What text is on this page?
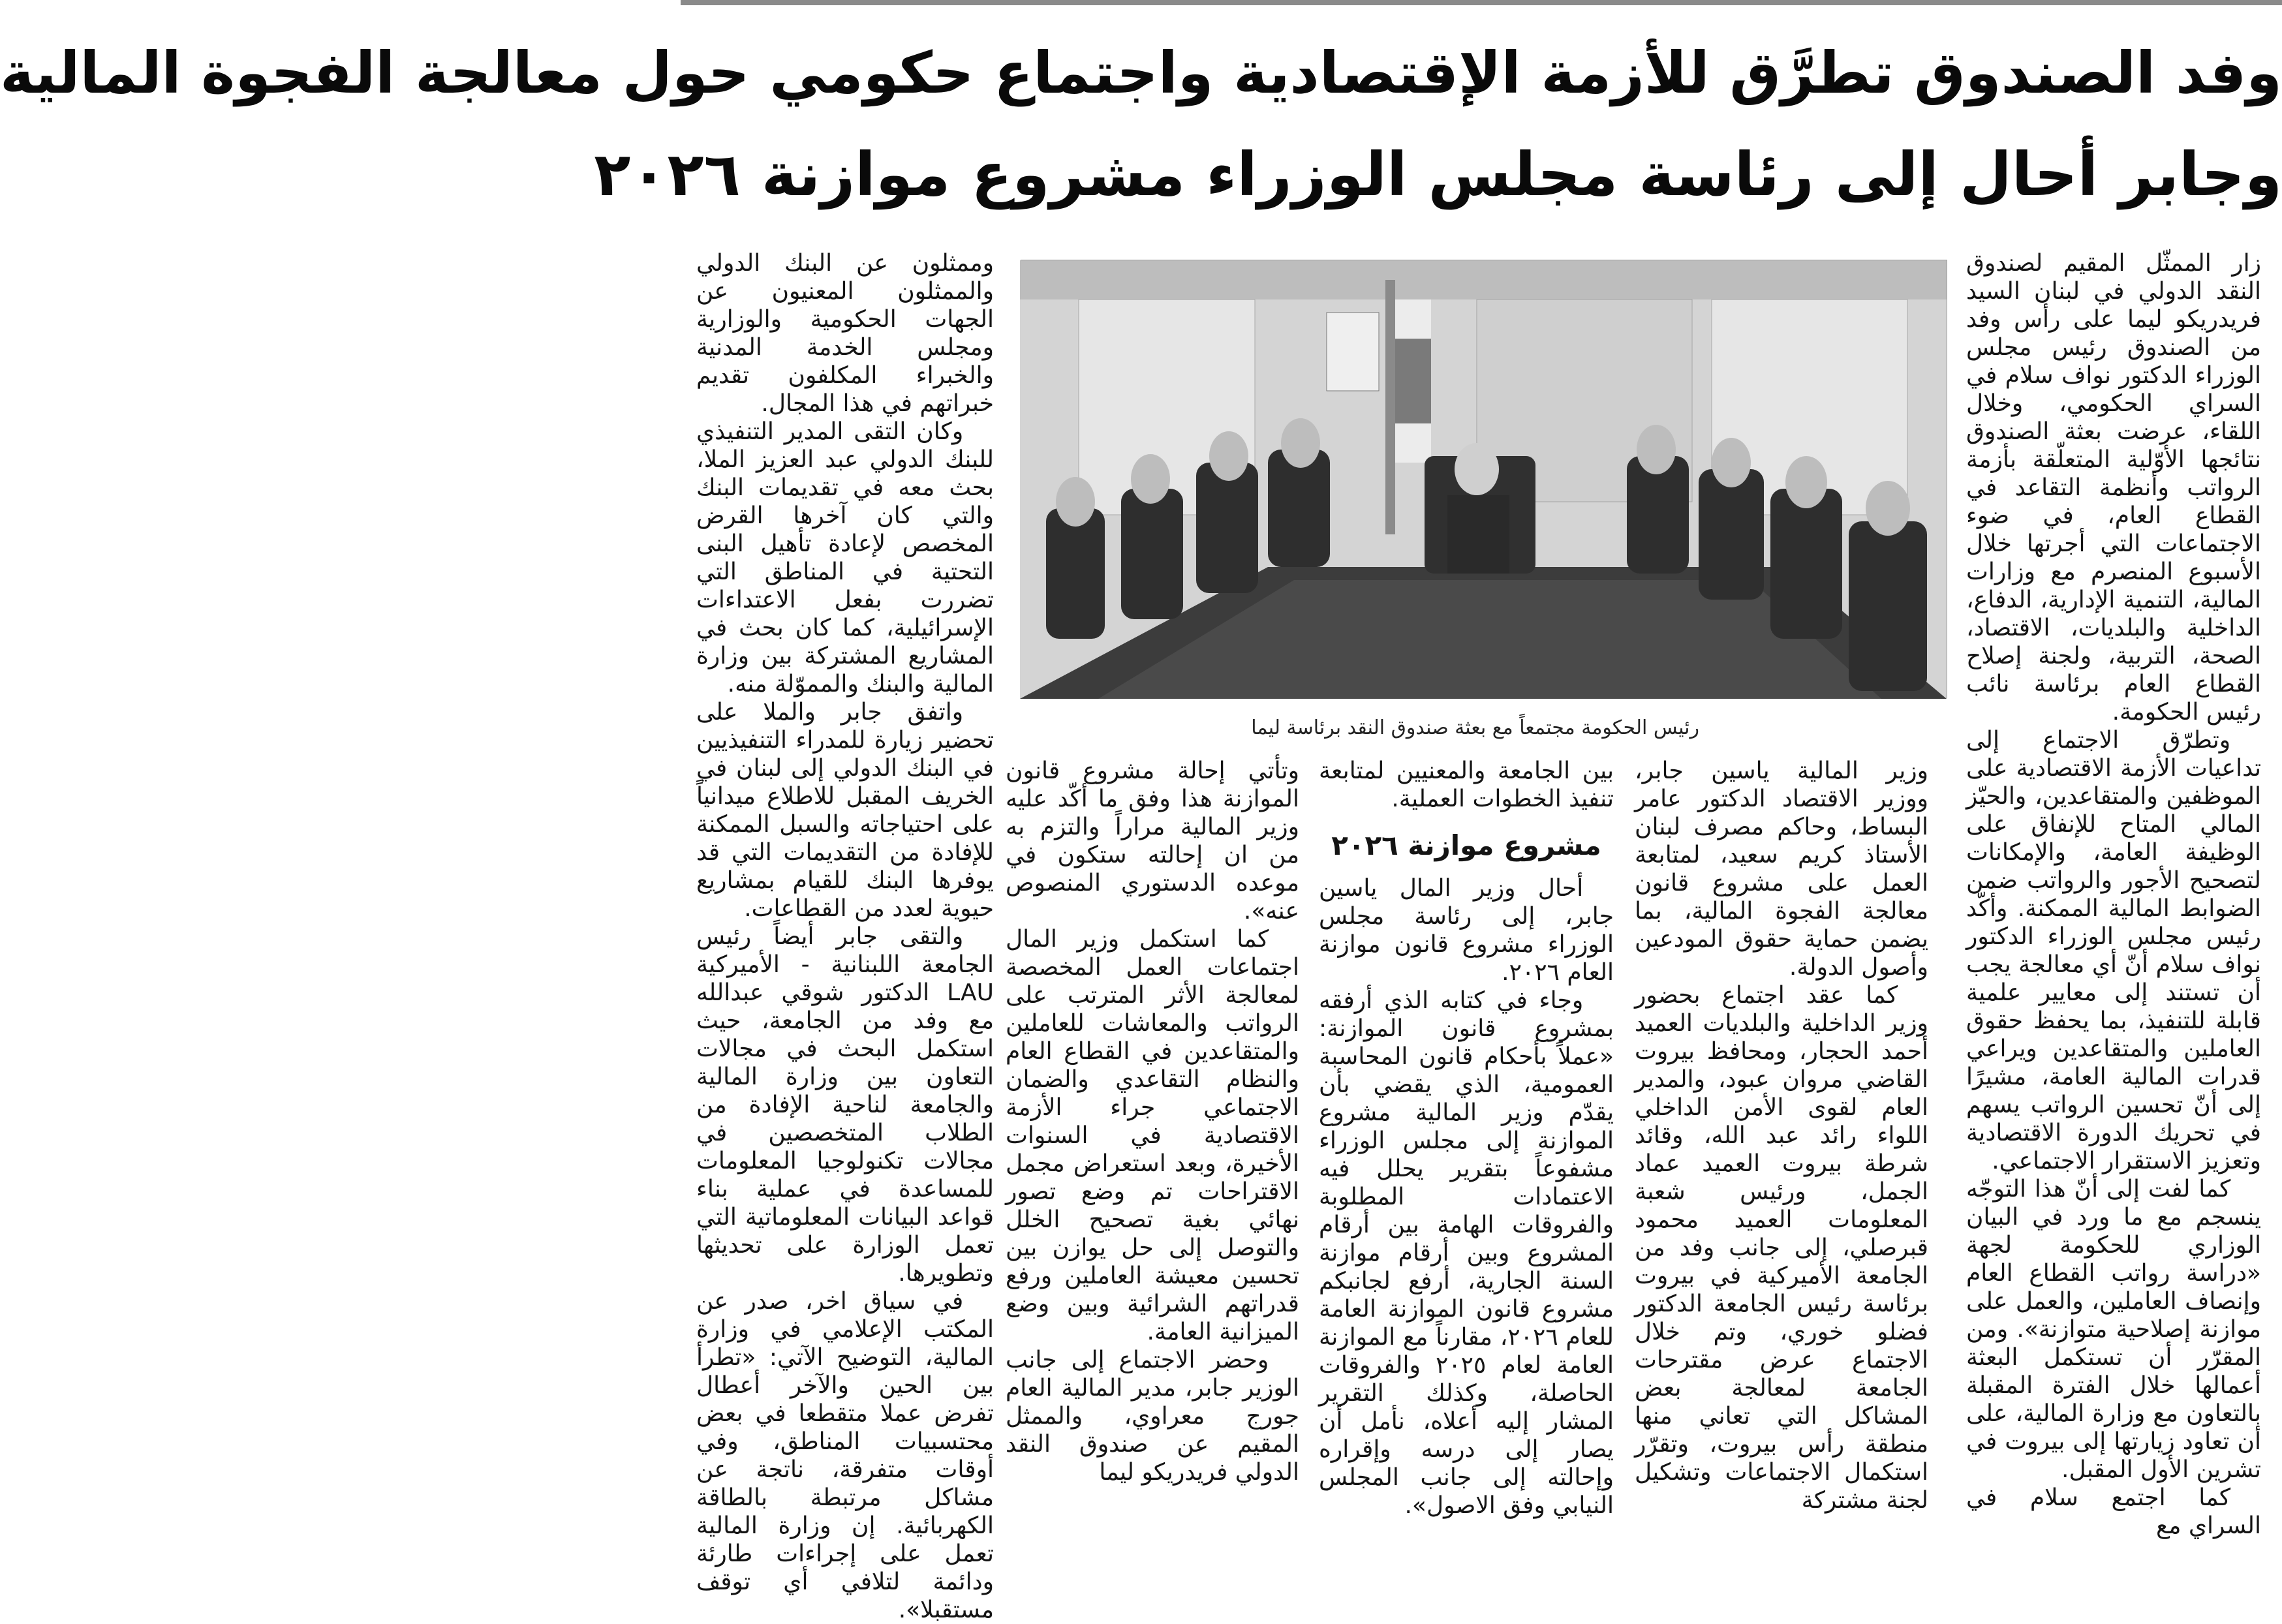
وفد الصندوق تطرَّق للأزمة الإقتصادية واجتماع حكومي حول معالجة الفجوة المالية
وجابر أحال إلى رئاسة مجلس الوزراء مشروع موازنة ٢٠٢٦

زار الممثّل المقيم لصندوق النقد الدولي في لبنان السيد فريدريكو ليما على رأس وفد من الصندوق رئيس مجلس الوزراء الدكتور نواف سلام في السراي الحكومي، وخلال اللقاء، عرضت بعثة الصندوق نتائجها الأوّلية المتعلّقة بأزمة الرواتب وأنظمة التقاعد في القطاع العام، في ضوء الاجتماعات التي أجرتها خلال الأسبوع المنصرم مع وزارات المالية، التنمية الإدارية، الدفاع، الداخلية والبلديات، الاقتصاد، الصحة، التربية، ولجنة إصلاح القطاع العام برئاسة نائب رئيس الحكومة.

وتطرّق الاجتماع إلى تداعيات الأزمة الاقتصادية على الموظفين والمتقاعدين، والحيّز المالي المتاح للإنفاق على الوظيفة العامة، والإمكانات لتصحيح الأجور والرواتب ضمن الضوابط المالية الممكنة. وأكّد رئيس مجلس الوزراء الدكتور نواف سلام أنّ أي معالجة يجب أن تستند إلى معايير علمية قابلة للتنفيذ، بما يحفظ حقوق العاملين والمتقاعدين ويراعي قدرات المالية العامة، مشيرًا إلى أنّ تحسين الرواتب يسهم في تحريك الدورة الاقتصادية وتعزيز الاستقرار الاجتماعي.

كما لفت إلى أنّ هذا التوجّه ينسجم مع ما ورد في البيان الوزاري للحكومة لجهة «دراسة رواتب القطاع العام وإنصاف العاملين، والعمل على موازنة إصلاحية متوازنة». ومن المقرّر أن تستكمل البعثة أعمالها خلال الفترة المقبلة بالتعاون مع وزارة المالية، على أن تعاود زيارتها إلى بيروت في تشرين الأول المقبل.

كما اجتمع سلام في السراي مع

وممثلون عن البنك الدولي والممثلون المعنيون عن الجهات الحكومية والوزارية ومجلس الخدمة المدنية والخبراء المكلفون تقديم خبراتهم في هذا المجال.

وكان التقى المدير التنفيذي للبنك الدولي عبد العزيز الملا، بحث معه في تقديمات البنك والتي كان آخرها القرض المخصص لإعادة تأهيل البنى التحتية في المناطق التي تضررت بفعل الاعتداءات الإسرائيلية، كما كان بحث في المشاريع المشتركة بين وزارة المالية والبنك والمموّلة منه.

واتفق جابر والملا على تحضير زيارة للمدراء التنفيذيين في البنك الدولي إلى لبنان في الخريف المقبل للاطلاع ميدانياً على احتياجاته والسبل الممكنة للإفادة من التقديمات التي قد يوفرها البنك للقيام بمشاريع حيوية لعدد من القطاعات.

والتقى جابر أيضاً رئيس الجامعة اللبنانية - الأميركية LAU الدكتور شوقي عبدالله مع وفد من الجامعة، حيث استكمل البحث في مجالات التعاون بين وزارة المالية والجامعة لناحية الإفادة من الطلاب المتخصصين في مجالات تكنولوجيا المعلومات للمساعدة في عملية بناء قواعد البيانات المعلوماتية التي تعمل الوزارة على تحديثها وتطويرها.

في سياق اخر، صدر عن المكتب الإعلامي في وزارة المالية، التوضيح الآتي: «تطرأ بين الحين والآخر أعطال تفرض عملا متقطعا في بعض محتسبيات المناطق، وفي أوقات متفرقة، ناتجة عن مشاكل مرتبطة بالطاقة الكهربائية. إن وزارة المالية تعمل على إجراءات طارئة ودائمة لتلافي أي توقف مستقبلا».

رئيس الحكومة مجتمعاً مع بعثة صندوق النقد برئاسة ليما

وزير المالية ياسين جابر، ووزير الاقتصاد الدكتور عامر البساط، وحاكم مصرف لبنان الأستاذ كريم سعيد، لمتابعة العمل على مشروع قانون معالجة الفجوة المالية، بما يضمن حماية حقوق المودعين وأصول الدولة.

كما عقد اجتماع بحضور وزير الداخلية والبلديات العميد أحمد الحجار، ومحافظ بيروت القاضي مروان عبود، والمدير العام لقوى الأمن الداخلي اللواء رائد عبد الله، وقائد شرطة بيروت العميد عماد الجمل، ورئيس شعبة المعلومات العميد محمود قبرصلي، إلى جانب وفد من الجامعة الأميركية في بيروت برئاسة رئيس الجامعة الدكتور فضلو خوري، وتم خلال الاجتماع عرض مقترحات الجامعة لمعالجة بعض المشاكل التي تعاني منها منطقة رأس بيروت، وتقرّر استكمال الاجتماعات وتشكيل لجنة مشتركة

بين الجامعة والمعنيين لمتابعة تنفيذ الخطوات العملية.

مشروع موازنة ٢٠٢٦

أحال وزير المال ياسين جابر، إلى رئاسة مجلس الوزراء مشروع قانون موازنة العام ٢٠٢٦.

وجاء في كتابه الذي أرفقه بمشروع قانون الموازنة: «عملاً بأحكام قانون المحاسبة العمومية، الذي يقضي بأن يقدّم وزير المالية مشروع الموازنة إلى مجلس الوزراء مشفوعاً بتقرير يحلل فيه الاعتمادات المطلوبة والفروقات الهامة بين أرقام المشروع وبين أرقام موازنة السنة الجارية، أرفع لجانبكم مشروع قانون الموازنة العامة للعام ٢٠٢٦، مقارناً مع الموازنة العامة لعام ٢٠٢٥ والفروقات الحاصلة، وكذلك التقرير المشار إليه أعلاه، نأمل أن يصار إلى درسه وإقراره وإحالته إلى جانب المجلس النيابي وفق الاصول».

وتأتي إحالة مشروع قانون الموازنة هذا وفق ما أكّد عليه وزير المالية مراراً والتزم به من ان إحالته ستكون في موعده الدستوري المنصوص عنه».

كما استكمل وزير المال اجتماعات العمل المخصصة لمعالجة الأثر المترتب على الرواتب والمعاشات للعاملين والمتقاعدين في القطاع العام والنظام التقاعدي والضمان الاجتماعي جراء الأزمة الاقتصادية في السنوات الأخيرة، وبعد استعراض مجمل الاقتراحات تم وضع تصور نهائي بغية تصحيح الخلل والتوصل إلى حل يوازن بين تحسين معيشة العاملين ورفع قدراتهم الشرائية وبين وضع الميزانية العامة.

وحضر الاجتماع إلى جانب الوزير جابر، مدير المالية العام جورج معراوي، والممثل المقيم عن صندوق النقد الدولي فريدريكو ليما
